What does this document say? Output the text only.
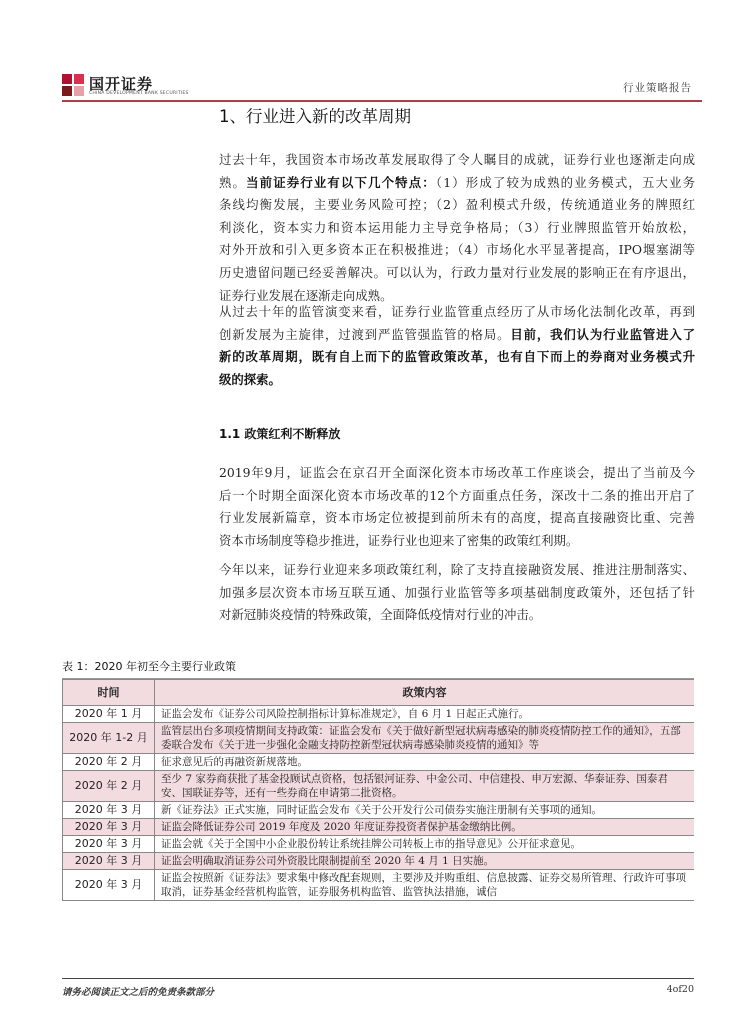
国开证券
CHINA DEVELOPMENT BANK SECURITIES	行业策略报告
1、行业进入新的改革周期
过去十年，我国资本市场改革发展取得了令人瞩目的成就，证券行业也逐渐走向成
熟。当前证券行业有以下几个特点：（1）形成了较为成熟的业务模式，五大业务
条线均衡发展，主要业务风险可控；（2）盈利模式升级，传统通道业务的牌照红
利淡化，资本实力和资本运用能力主导竞争格局；（3）行业牌照监管开始放松，
对外开放和引入更多资本正在积极推进；（4）市场化水平显著提高，IPO堰塞湖等
历史遗留问题已经妥善解决。可以认为，行政力量对行业发展的影响正在有序退出，
证券行业发展在逐渐走向成熟。
从过去十年的监管演变来看，证券行业监管重点经历了从市场化法制化改革，再到
创新发展为主旋律，过渡到严监管强监管的格局。目前，我们认为行业监管进入了
新的改革周期，既有自上而下的监管政策改革，也有自下而上的券商对业务模式升
级的探索。
1.1 政策红利不断释放
2019年9月，证监会在京召开全面深化资本市场改革工作座谈会，提出了当前及今
后一个时期全面深化资本市场改革的12个方面重点任务，深改十二条的推出开启了
行业发展新篇章，资本市场定位被提到前所未有的高度，提高直接融资比重、完善
资本市场制度等稳步推进，证券行业也迎来了密集的政策红利期。
今年以来，证券行业迎来多项政策红利，除了支持直接融资发展、推进注册制落实、
加强多层次资本市场互联互通、加强行业监管等多项基础制度政策外，还包括了针
对新冠肺炎疫情的特殊政策，全面降低疫情对行业的冲击。
表 1：2020 年初至今主要行业政策
时间	政策内容
2020 年 1 月	证监会发布《证券公司风险控制指标计算标准规定》，自 6 月 1 日起正式施行。
2020 年 1-2 月	监管层出台多项疫情期间支持政策：证监会发布《关于做好新型冠状病毒感染的肺炎疫情防控工作的通知》，五部委联合发布《关于进一步强化金融支持防控新型冠状病毒感染肺炎疫情的通知》等
2020 年 2 月	征求意见后的再融资新规落地。
2020 年 2 月	至少 7 家券商获批了基金投顾试点资格，包括银河证券、中金公司、中信建投、申万宏源、华泰证券、国泰君安、国联证券等，还有一些券商在申请第二批资格。
2020 年 3 月	新《证券法》正式实施，同时证监会发布《关于公开发行公司债券实施注册制有关事项的通知。
2020 年 3 月	证监会降低证券公司 2019 年度及 2020 年度证券投资者保护基金缴纳比例。
2020 年 3 月	证监会就《关于全国中小企业股份转让系统挂牌公司转板上市的指导意见》公开征求意见。
2020 年 3 月	证监会明确取消证券公司外资股比限制提前至 2020 年 4 月 1 日实施。
2020 年 3 月	证监会按照新《证券法》要求集中修改配套规则，主要涉及并购重组、信息披露、证券交易所管理、行政许可事项取消，证券基金经营机构监管，证券服务机构监管、监管执法措施，诚信
请务必阅读正文之后的免责条款部分	4of20
